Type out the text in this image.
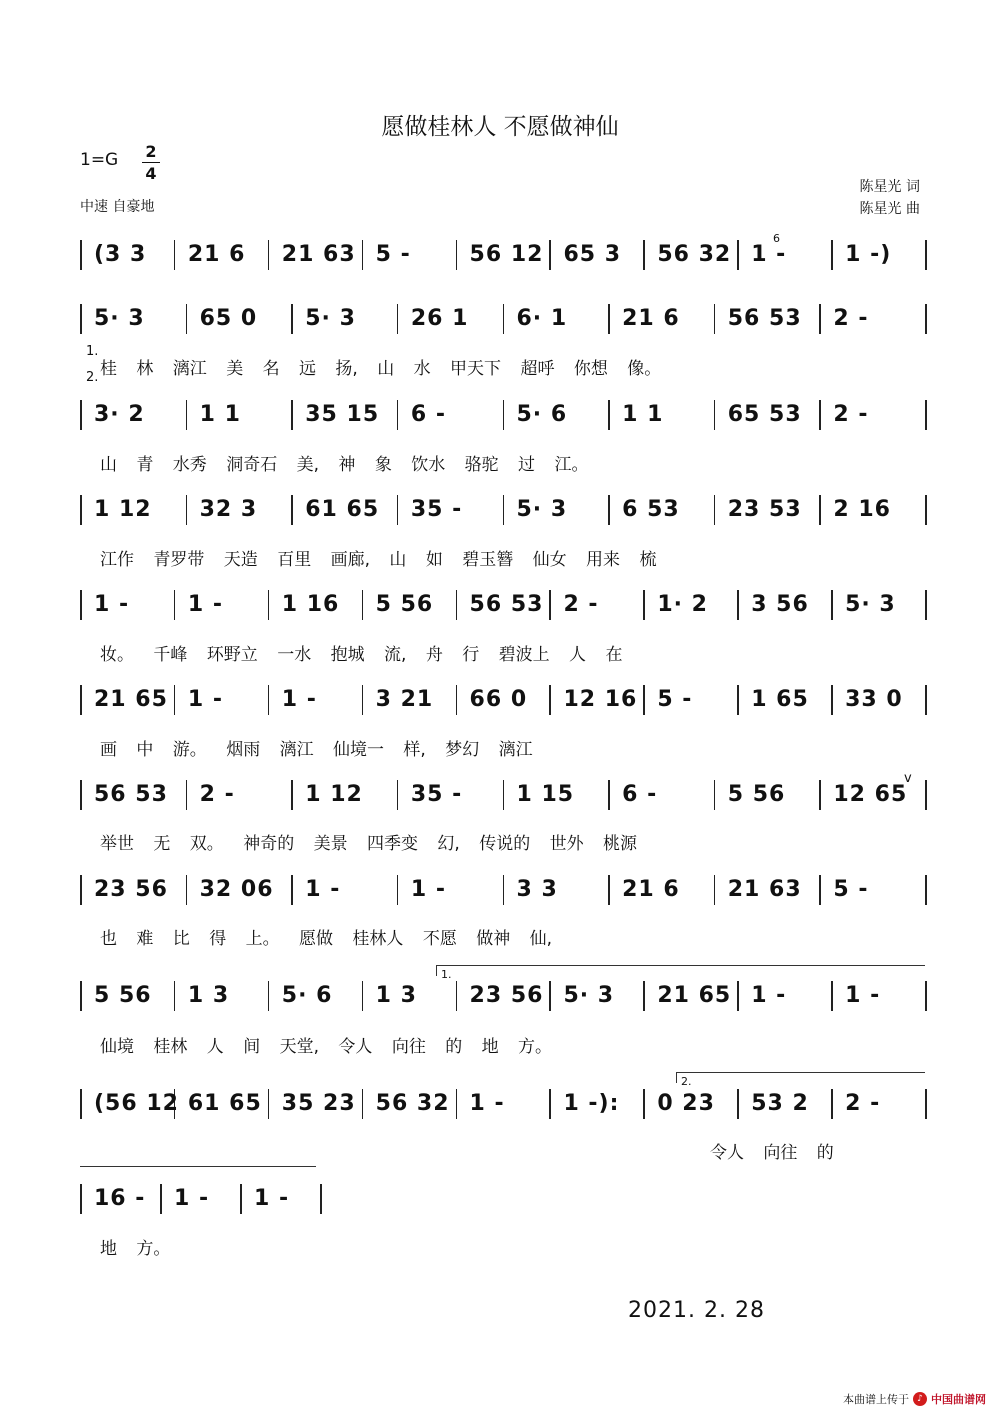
愿做桂林人 不愿做神仙
1=G 2
4
中速 自豪地
陈星光 词
陈星光 曲
(3 3 21 6 21 63 5 -	56 12 65 3 56 32 1 -	1 -)
5· 3 65 0 5· 3 26 1 6· 1 21 6 56 53 2 -
桂 林 漓江 美 名 远 扬, 山 水 甲天下 超呼 你想 像。
3· 2 1 1	35 15 6 -	5· 6 1 1	65 53 2 -
山 青 水秀 洞奇石 美, 神 象 饮水 骆驼 过 江。
1 12 32 3 61 65 35 - 5· 3 6 53 23 53 2 16
江作 青罗带 天造 百里 画廊, 山 如 碧玉簪 仙女 用来 梳
1 -	1 -	1 16 5 56 56 53 2 -	1· 2 3 56 5· 3
妆。 千峰 环野立 一水 抱城 流, 舟 行 碧波上 人 在
21 65 1 -	1 -	3 21 66 0 12 16 5 -	1 65 33 0
画 中 游。 烟雨 漓江 仙境一 样, 梦幻 漓江
56 53 2 -	1 12 35 - 1 15 6 -	5 56 12 65
举世 无 双。 神奇的 美景 四季变 幻, 传说的 世外 桃源
23 56 32 06 1 -	1 -	3 3	21 6 21 63 5 -
也 难 比 得 上。 愿做 桂林人 不愿 做神 仙,
5 56 1 3 5· 6 1 3 23 56 5· 3 21 65 1 -	1 -
仙境 桂林 人 间 天堂, 令人 向往 的 地 方。
(56 12 61 65 35 23 56 32 1 -	1 -): 0 23 53 2 2 -
令人 向往 的
16 - 1 - 1 -
地 方。
6
1.
2.
v
1.
2.
2021. 2. 28
本曲谱上传于 ♪ 中国曲谱网
